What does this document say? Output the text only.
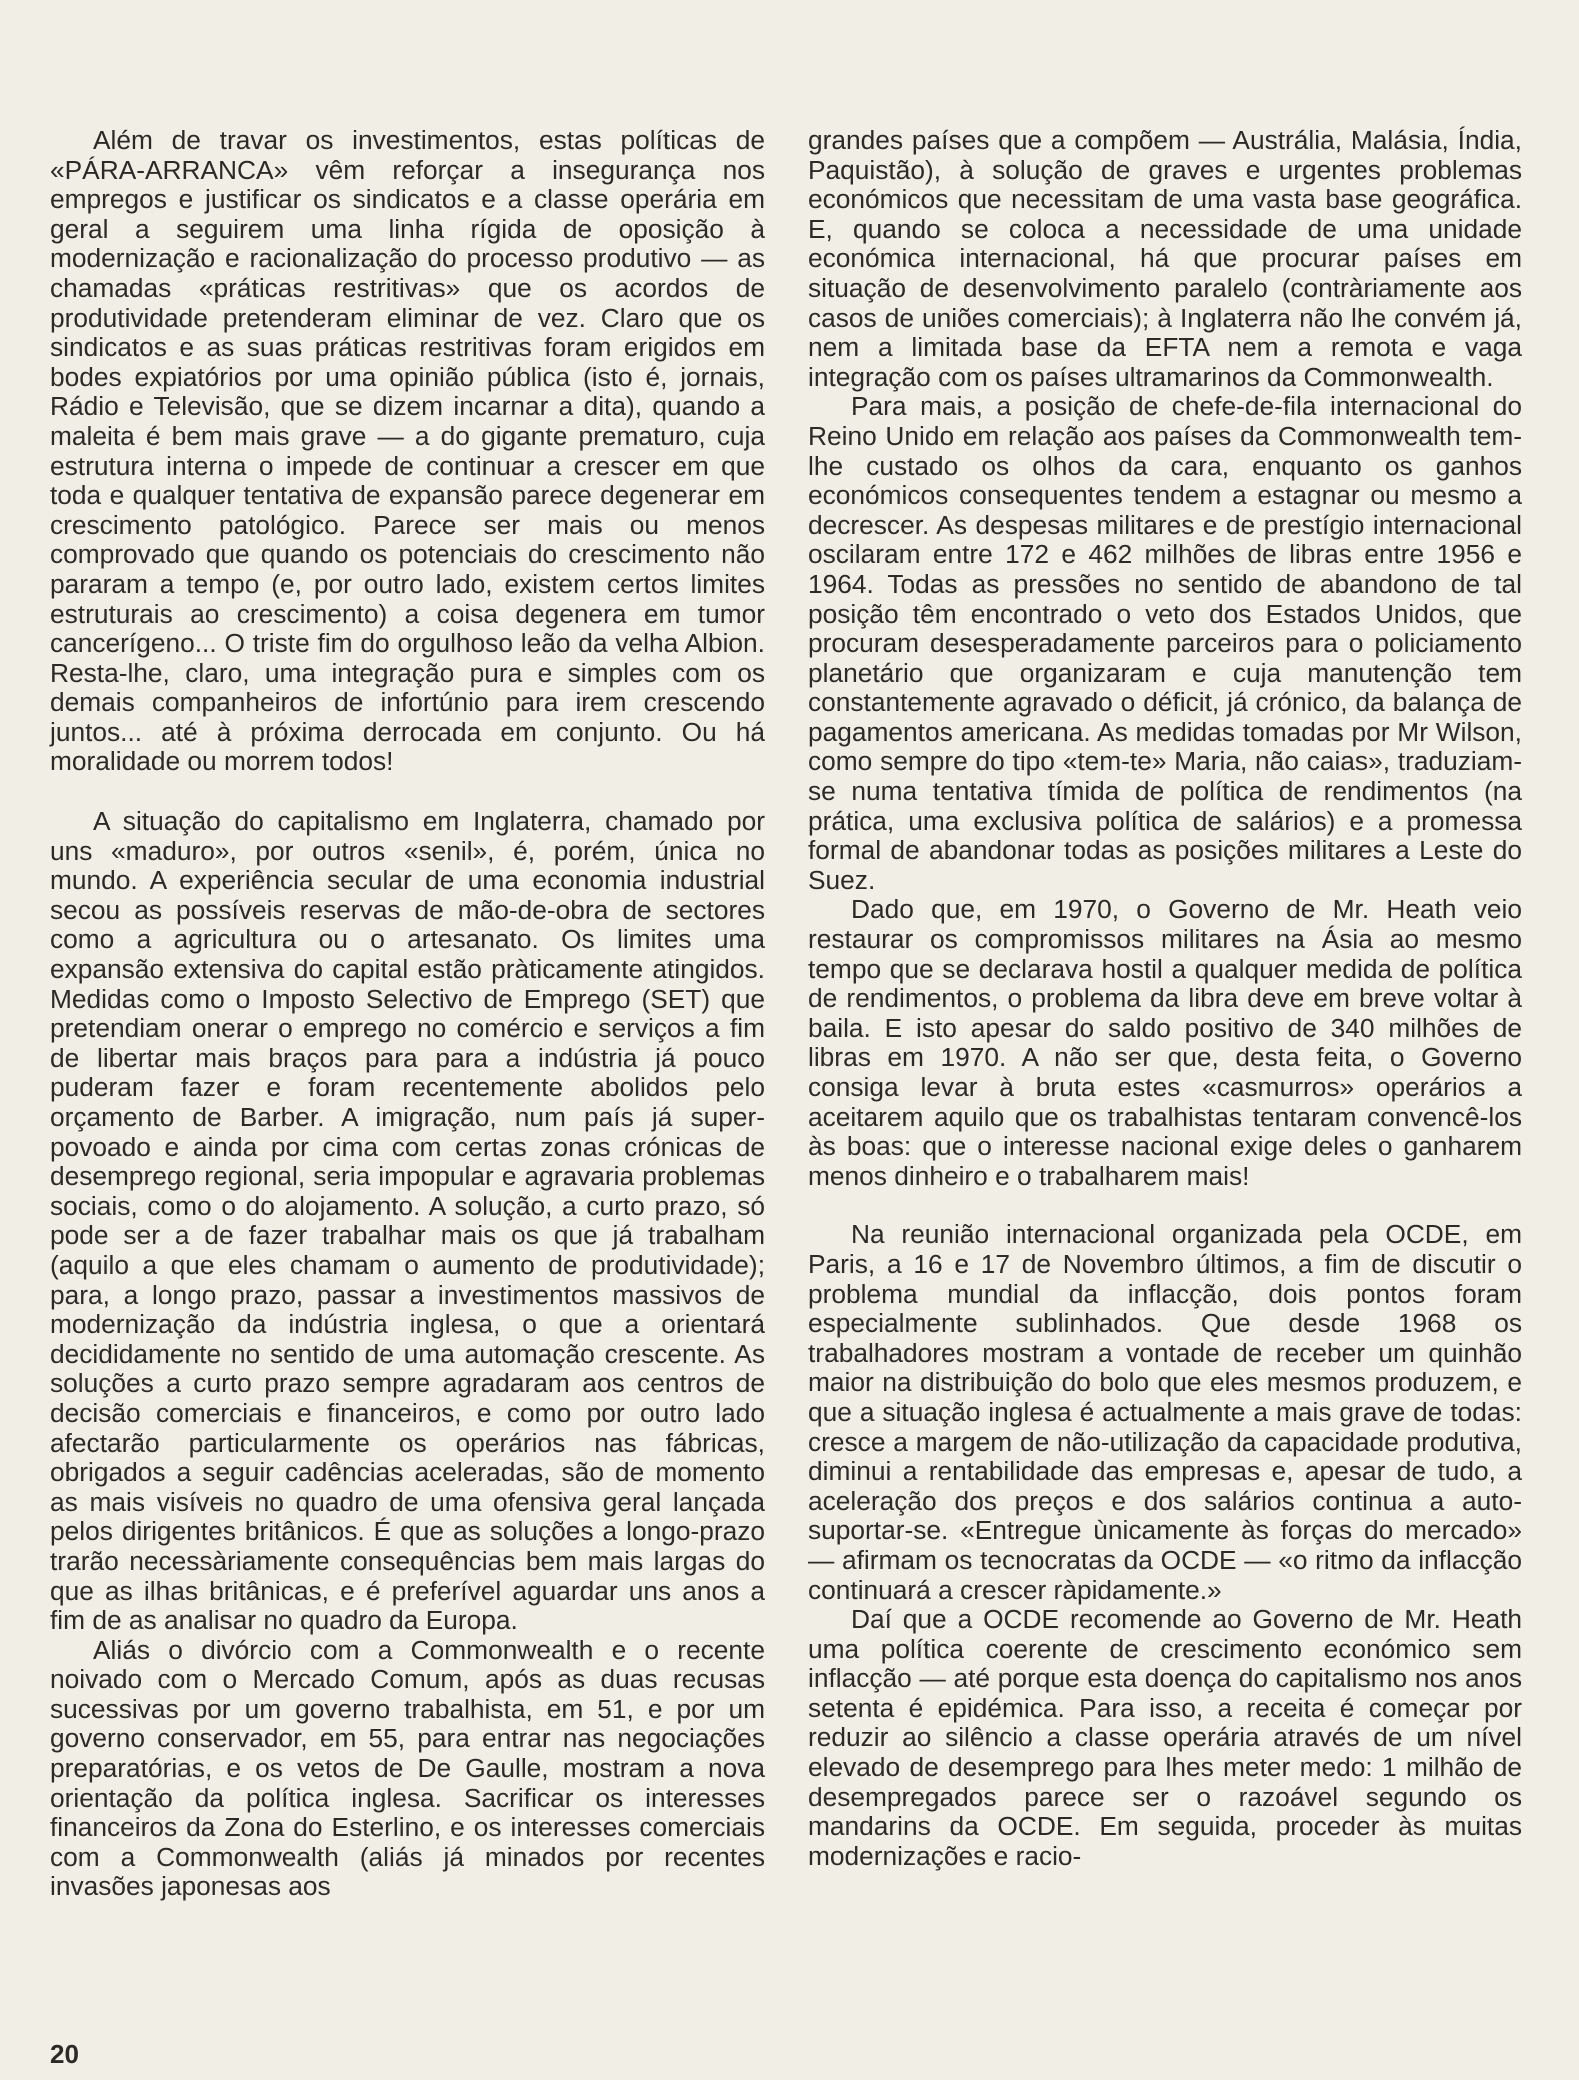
Além de travar os investimentos, estas políticas de «PÁRA-ARRANCA» vêm reforçar a insegurança nos empregos e justificar os sindicatos e a classe operária em geral a seguirem uma linha rígida de oposição à modernização e racionalização do processo produtivo — as chamadas «práticas restritivas» que os acordos de produtividade pretenderam eliminar de vez. Claro que os sindicatos e as suas práticas restritivas foram erigidos em bodes expiatórios por uma opinião pública (isto é, jornais, Rádio e Televisão, que se dizem incarnar a dita), quando a maleita é bem mais grave — a do gigante prematuro, cuja estrutura interna o impede de continuar a crescer em que toda e qualquer tentativa de expansão parece degenerar em crescimento patológico. Parece ser mais ou menos comprovado que quando os potenciais do crescimento não pararam a tempo (e, por outro lado, existem certos limites estruturais ao crescimento) a coisa degenera em tumor cancerígeno... O triste fim do orgulhoso leão da velha Albion. Resta-lhe, claro, uma integração pura e simples com os demais companheiros de infortúnio para irem crescendo juntos... até à próxima derrocada em conjunto. Ou há moralidade ou morrem todos!

A situação do capitalismo em Inglaterra, chamado por uns «maduro», por outros «senil», é, porém, única no mundo. A experiência secular de uma economia industrial secou as possíveis reservas de mão-de-obra de sectores como a agricultura ou o artesanato. Os limites uma expansão extensiva do capital estão pràticamente atingidos. Medidas como o Imposto Selectivo de Emprego (SET) que pretendiam onerar o emprego no comércio e serviços a fim de libertar mais braços para para a indústria já pouco puderam fazer e foram recentemente abolidos pelo orçamento de Barber. A imigração, num país já super-povoado e ainda por cima com certas zonas crónicas de desemprego regional, seria impopular e agravaria problemas sociais, como o do alojamento. A solução, a curto prazo, só pode ser a de fazer trabalhar mais os que já trabalham (aquilo a que eles chamam o aumento de produtividade); para, a longo prazo, passar a investimentos massivos de modernização da indústria inglesa, o que a orientará decididamente no sentido de uma automação crescente. As soluções a curto prazo sempre agradaram aos centros de decisão comerciais e financeiros, e como por outro lado afectarão particularmente os operários nas fábricas, obrigados a seguir cadências aceleradas, são de momento as mais visíveis no quadro de uma ofensiva geral lançada pelos dirigentes britânicos. É que as soluções a longo-prazo trarão necessàriamente consequências bem mais largas do que as ilhas britânicas, e é preferível aguardar uns anos a fim de as analisar no quadro da Europa.

Aliás o divórcio com a Commonwealth e o recente noivado com o Mercado Comum, após as duas recusas sucessivas por um governo trabalhista, em 51, e por um governo conservador, em 55, para entrar nas negociações preparatórias, e os vetos de De Gaulle, mostram a nova orientação da política inglesa. Sacrificar os interesses financeiros da Zona do Esterlino, e os interesses comerciais com a Commonwealth (aliás já minados por recentes invasões japonesas aos

grandes países que a compõem — Austrália, Malásia, Índia, Paquistão), à solução de graves e urgentes problemas económicos que necessitam de uma vasta base geográfica. E, quando se coloca a necessidade de uma unidade económica internacional, há que procurar países em situação de desenvolvimento paralelo (contràriamente aos casos de uniões comerciais); à Inglaterra não lhe convém já, nem a limitada base da EFTA nem a remota e vaga integração com os países ultramarinos da Commonwealth.

Para mais, a posição de chefe-de-fila internacional do Reino Unido em relação aos países da Commonwealth tem-lhe custado os olhos da cara, enquanto os ganhos económicos consequentes tendem a estagnar ou mesmo a decrescer. As despesas militares e de prestígio internacional oscilaram entre 172 e 462 milhões de libras entre 1956 e 1964. Todas as pressões no sentido de abandono de tal posição têm encontrado o veto dos Estados Unidos, que procuram desesperadamente parceiros para o policiamento planetário que organizaram e cuja manutenção tem constantemente agravado o déficit, já crónico, da balança de pagamentos americana. As medidas tomadas por Mr Wilson, como sempre do tipo «tem-te» Maria, não caias», traduziam-se numa tentativa tímida de política de rendimentos (na prática, uma exclusiva política de salários) e a promessa formal de abandonar todas as posições militares a Leste do Suez.

Dado que, em 1970, o Governo de Mr. Heath veio restaurar os compromissos militares na Ásia ao mesmo tempo que se declarava hostil a qualquer medida de política de rendimentos, o problema da libra deve em breve voltar à baila. E isto apesar do saldo positivo de 340 milhões de libras em 1970. A não ser que, desta feita, o Governo consiga levar à bruta estes «casmurros» operários a aceitarem aquilo que os trabalhistas tentaram convencê-los às boas: que o interesse nacional exige deles o ganharem menos dinheiro e o trabalharem mais!

Na reunião internacional organizada pela OCDE, em Paris, a 16 e 17 de Novembro últimos, a fim de discutir o problema mundial da inflacção, dois pontos foram especialmente sublinhados. Que desde 1968 os trabalhadores mostram a vontade de receber um quinhão maior na distribuição do bolo que eles mesmos produzem, e que a situação inglesa é actualmente a mais grave de todas: cresce a margem de não-utilização da capacidade produtiva, diminui a rentabilidade das empresas e, apesar de tudo, a aceleração dos preços e dos salários continua a auto-suportar-se. «Entregue ùnicamente às forças do mercado» — afirmam os tecnocratas da OCDE — «o ritmo da inflacção continuará a crescer ràpidamente.»

Daí que a OCDE recomende ao Governo de Mr. Heath uma política coerente de crescimento económico sem inflacção — até porque esta doença do capitalismo nos anos setenta é epidémica. Para isso, a receita é começar por reduzir ao silêncio a classe operária através de um nível elevado de desemprego para lhes meter medo: 1 milhão de desempregados parece ser o razoável segundo os mandarins da OCDE. Em seguida, proceder às muitas modernizações e racio-

20
